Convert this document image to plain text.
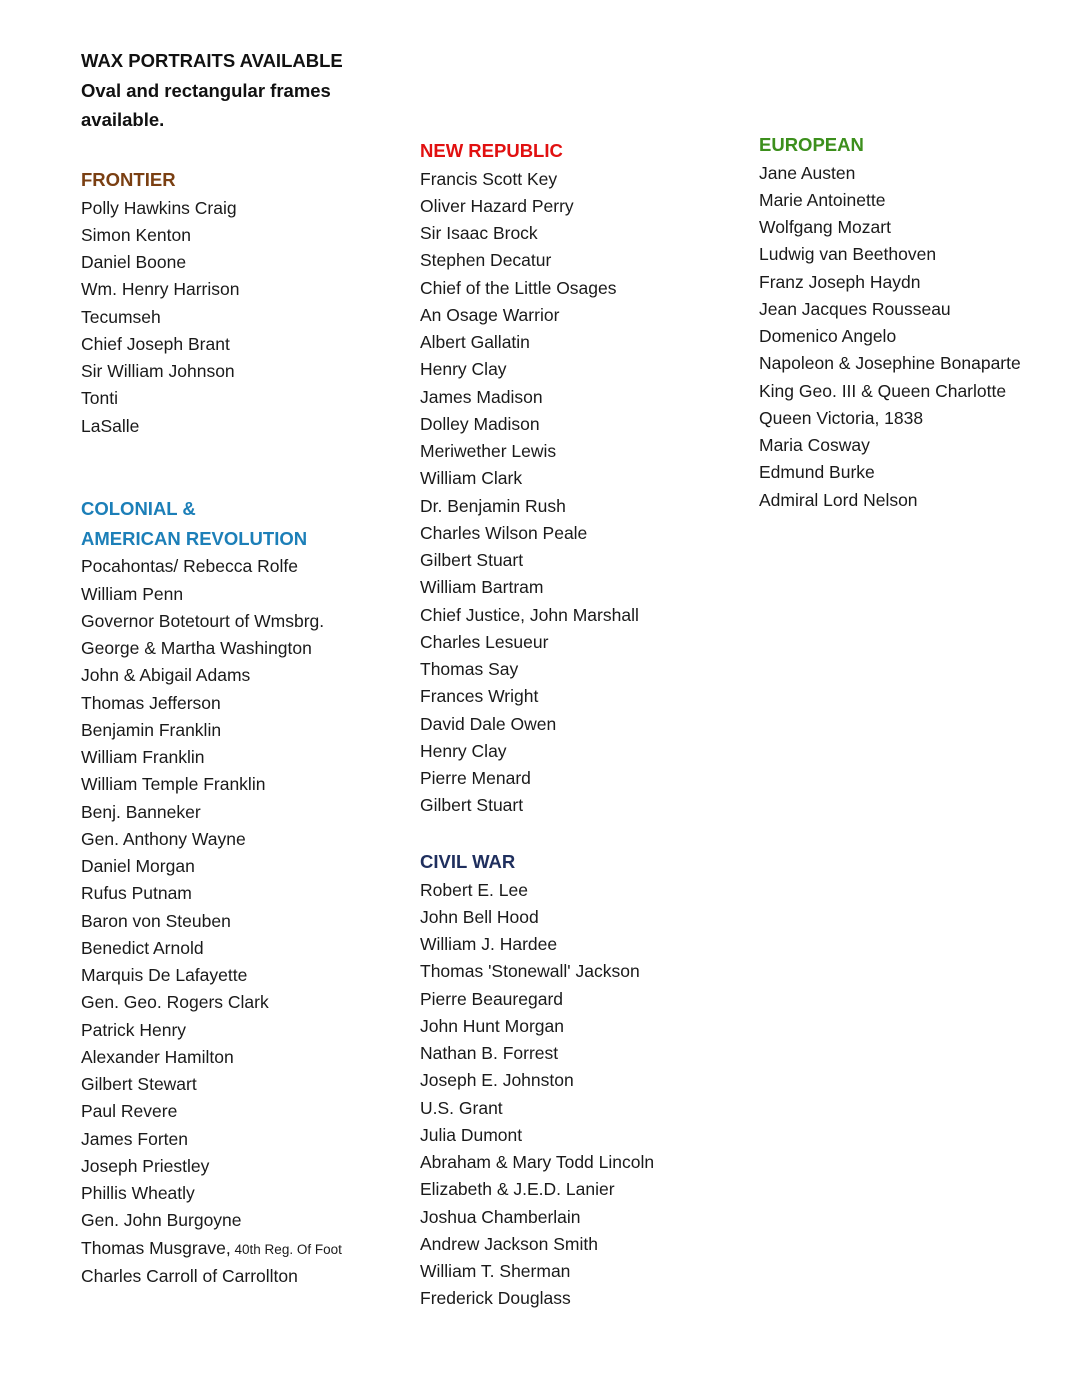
WAX PORTRAITS AVAILABLE
Oval and rectangular frames
available.
FRONTIER
Polly Hawkins Craig
Simon Kenton
Daniel Boone
Wm. Henry Harrison
Tecumseh
Chief Joseph Brant
Sir William Johnson
Tonti
LaSalle
COLONIAL &
AMERICAN REVOLUTION
Pocahontas/ Rebecca Rolfe
William Penn
Governor Botetourt of Wmsbrg.
George & Martha Washington
John & Abigail Adams
Thomas Jefferson
Benjamin Franklin
William Franklin
William Temple Franklin
Benj. Banneker
Gen. Anthony Wayne
Daniel Morgan
Rufus Putnam
Baron von Steuben
Benedict Arnold
Marquis De Lafayette
Gen. Geo. Rogers Clark
Patrick Henry
Alexander Hamilton
Gilbert Stewart
Paul Revere
James Forten
Joseph Priestley
Phillis Wheatly
Gen. John Burgoyne
Thomas Musgrave, 40th Reg. Of Foot
Charles Carroll of Carrollton
NEW REPUBLIC
Francis Scott Key
Oliver Hazard Perry
Sir Isaac Brock
Stephen Decatur
Chief of the Little Osages
An Osage Warrior
Albert Gallatin
Henry Clay
James Madison
Dolley Madison
Meriwether Lewis
William Clark
Dr. Benjamin Rush
Charles Wilson Peale
Gilbert Stuart
William Bartram
Chief Justice, John Marshall
Charles Lesueur
Thomas Say
Frances Wright
David Dale Owen
Henry Clay
Pierre Menard
Gilbert Stuart
CIVIL WAR
Robert E. Lee
John Bell Hood
William J. Hardee
Thomas 'Stonewall' Jackson
Pierre Beauregard
John Hunt Morgan
Nathan B. Forrest
Joseph E. Johnston
U.S. Grant
Julia Dumont
Abraham & Mary Todd Lincoln
Elizabeth & J.E.D. Lanier
Joshua Chamberlain
Andrew Jackson Smith
William T. Sherman
Frederick Douglass
EUROPEAN
Jane Austen
Marie Antoinette
Wolfgang Mozart
Ludwig van Beethoven
Franz Joseph Haydn
Jean Jacques Rousseau
Domenico Angelo
Napoleon & Josephine Bonaparte
King Geo. III & Queen Charlotte
Queen Victoria, 1838
Maria Cosway
Edmund Burke
Admiral Lord Nelson
